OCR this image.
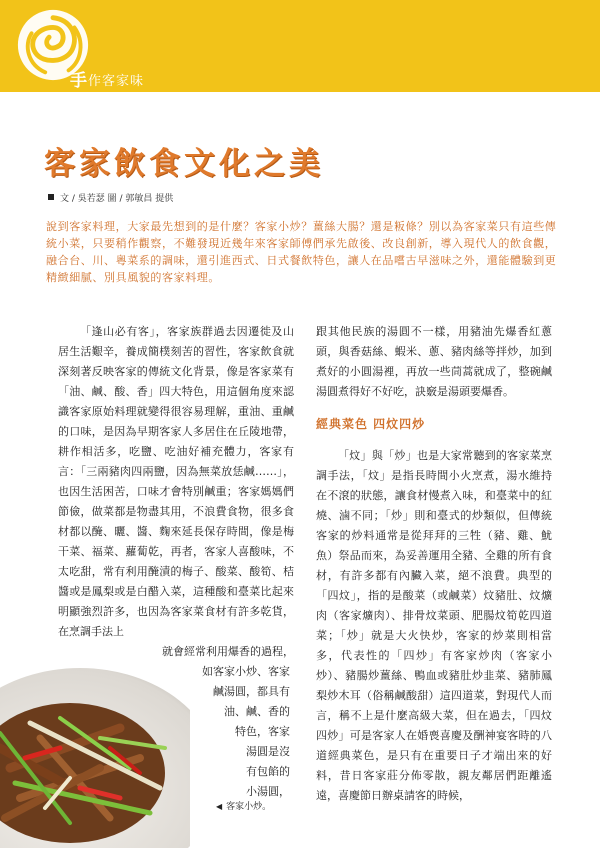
手 作客家味
客家飲食文化之美
文 / 吳若瑟 圖 / 郭敏昌 提供
說到客家料理，大家最先想到的是什麼？客家小炒？薑絲大腸？還是粄條？別以為客家菜只有這些傳統小菜，只要稍作觀察，不難發現近幾年來客家師傅們承先啟後、改良創新，導入現代人的飲食觀，融合台、川、粵菜系的調味，還引進西式、日式餐飲特色，讓人在品嚐古早滋味之外，還能體驗到更精緻細膩、別具風貌的客家料理。

「逢山必有客」，客家族群過去因遷徙及山居生活艱辛，養成簡樸刻苦的習性，客家飲食就深刻著反映客家的傳統文化背景，像是客家菜有「油、鹹、酸、香」四大特色，用這個角度來認識客家原始料理就變得很容易理解，重油、重鹹的口味，是因為早期客家人多居住在丘陵地帶，耕作相活多，吃鹽、吃油好補充體力，客家有言：「三兩豬肉四兩鹽，因為無菜放恁鹹……」，也因生活困苦，口味才會特別鹹重；客家媽媽們節儉，做菜都是物盡其用，不浪費食物，很多食材都以醃、曬、醬、麴來延長保存時間，像是梅干菜、福菜、蘿蔔乾，再者，客家人喜酸味，不太吃甜，常有利用醃漬的梅子、酸菜、酸筍、桔醬或是鳳梨或是白醋入菜，這種酸和臺菜比起來明顯強烈許多，也因為客家菜食材有許多乾貨，在烹調手法上

就會經常利用爆香的過程，
如客家小炒、客家
鹹湯圓，都具有
油、鹹、香的
特色，客家
湯圓是沒
有包餡的
小湯圓，

跟其他民族的湯圓不一樣，用豬油先爆香紅蔥頭，與香菇絲、蝦米、蔥、豬肉絲等拌炒，加到煮好的小圓湯裡，再放一些茼蒿就成了，整碗鹹湯圓煮得好不好吃，訣竅是湯頭要爆香。

經典菜色 四炆四炒

「炆」與「炒」也是大家常聽到的客家菜烹調手法，「炆」是指長時間小火烹煮，湯水維持在不滾的狀態，讓食材慢煮入味，和臺菜中的紅燒、滷不同；「炒」則和臺式的炒類似，但傳統客家的炒料通常是從拜拜的三牲（豬、雞、魷魚）祭品而來，為妥善運用全豬、全雞的所有食材，有許多都有內臟入菜，絕不浪費。典型的「四炆」，指的是酸菜（或鹹菜）炆豬肚、炆爌肉（客家爌肉）、排骨炆菜頭、肥腸炆筍乾四道菜；「炒」就是大火快炒，客家的炒菜則相當多，代表性的「四炒」有客家炒肉（客家小炒）、豬腸炒薑絲、鴨血或豬肚炒韭菜、豬肺鳳梨炒木耳（俗稱鹹酸甜）這四道菜，對現代人而言，稱不上是什麼高級大菜，但在過去，「四炆四炒」可是客家人在婚喪喜慶及酬神宴客時的八道經典菜色，是只有在重要日子才端出來的好料，昔日客家莊分佈零散，親友鄰居們距離遙遠，喜慶節日辦桌請客的時候，

◀ 客家小炒。
